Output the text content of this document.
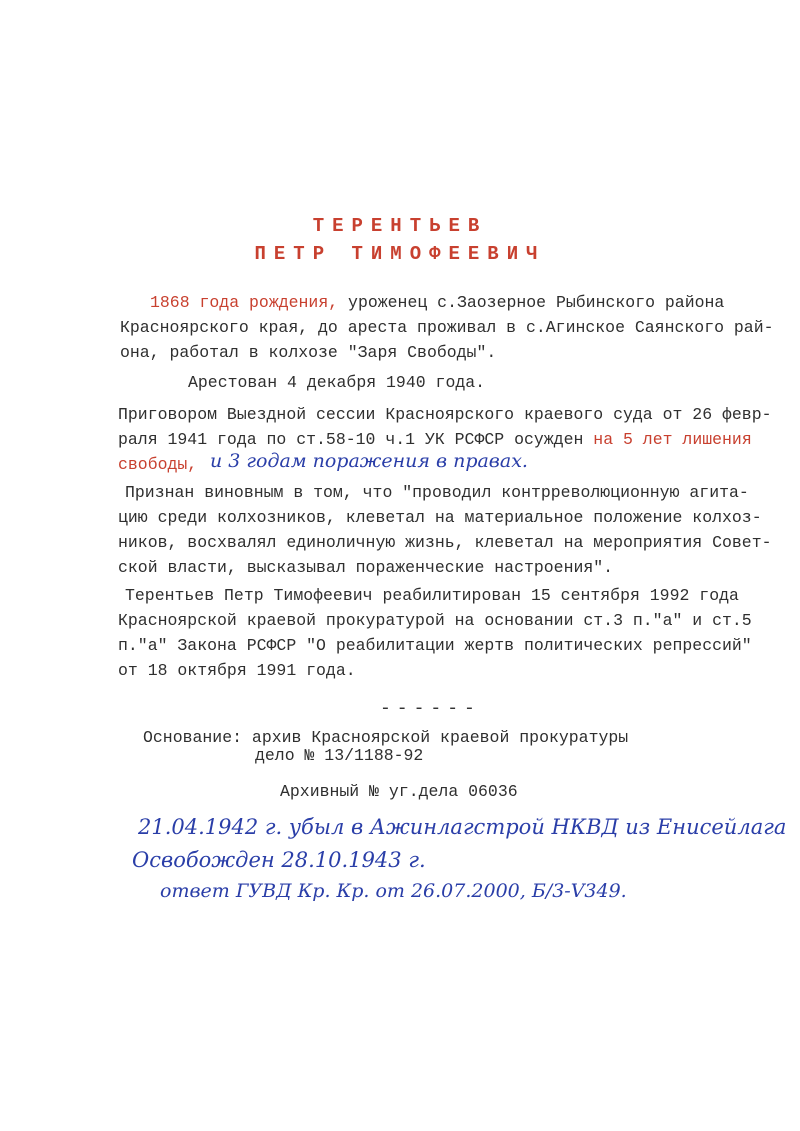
ТЕРЕНТЬЕВ
ПЕТР ТИМОФЕЕВИЧ
1868 года рождения, уроженец с.Заозерное Рыбинского района
Красноярского края, до ареста проживал в с.Агинское Саянского рай-
она, работал в колхозе "Заря Свободы".
Арестован 4 декабря 1940 года.
Приговором Выездной сессии Красноярского краевого суда от 26 февр-
раля 1941 года по ст.58-10 ч.1 УК РСФСР осужден на 5 лет лишения
свободы, и 3 годам поражения в правах.
Признан виновным в том, что "проводил контрреволюционную агита-
цию среди колхозников, клеветал на материальное положение колхоз-
ников, восхвалял единоличную жизнь, клеветал на мероприятия Совет-
ской власти, высказывал пораженческие настроения".
Терентьев Петр Тимофеевич реабилитирован 15 сентября 1992 года
Красноярской краевой прокуратурой на основании ст.3 п."а" и ст.5
п."а" Закона РСФСР "О реабилитации жертв политических репрессий"
от 18 октября 1991 года.
------
Основание: архив Красноярской краевой прокуратуры
дело № 13/1188-92
Архивный № уг.дела 06036
21.04.1942 г. убыл в Ажинлагстрой НКВД из Енисейлага
Освобожден 28.10.1943 г.
ответ ГУВД Кр. Кр. от 26.07.2000, Б/3-V349.
